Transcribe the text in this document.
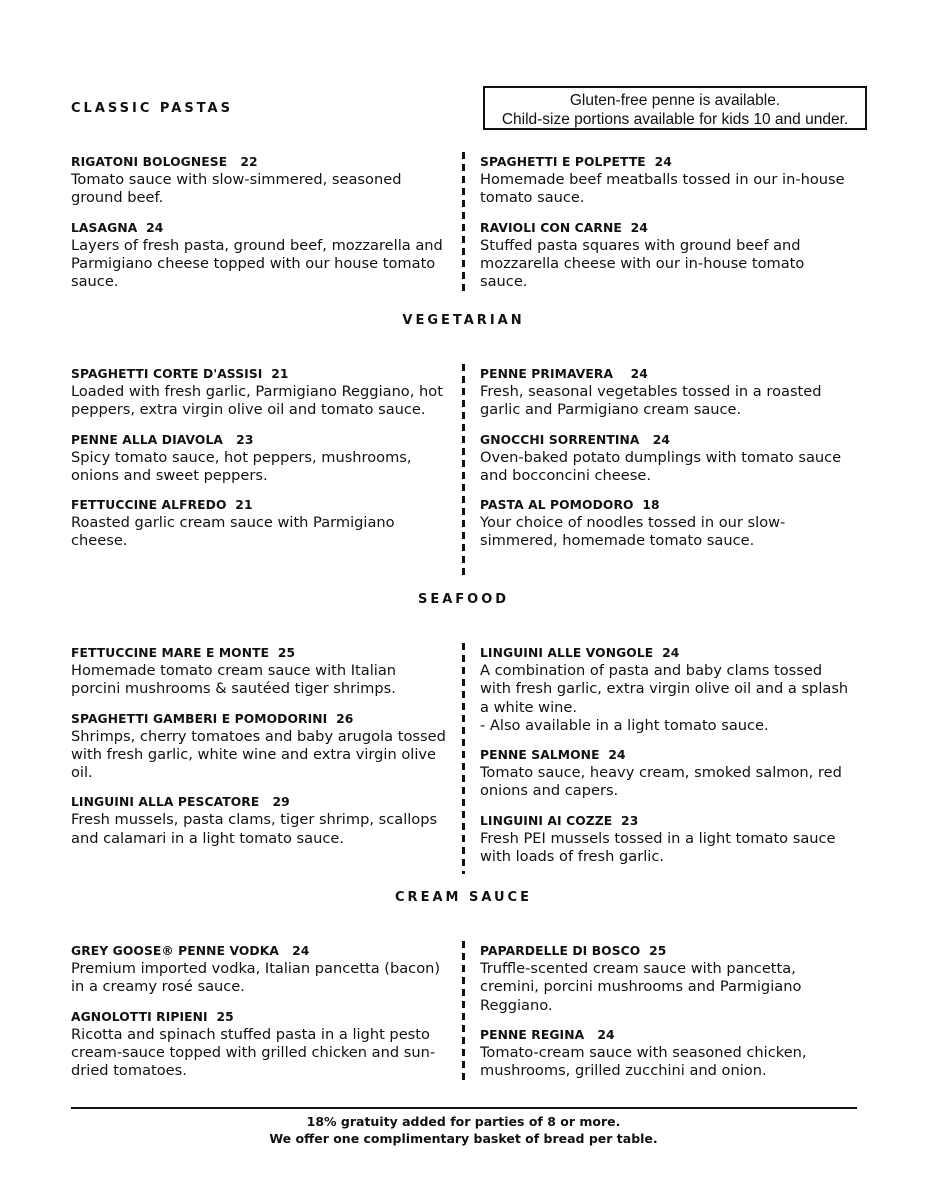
CLASSIC PASTAS	Gluten-free penne is available.
Child-size portions available for kids 10 and under.
RIGATONI BOLOGNESE   22
Tomato sauce with slow-simmered, seasoned ground beef.
LASAGNA  24
Layers of fresh pasta, ground beef, mozzarella and Parmigiano cheese topped with our house tomato sauce.
SPAGHETTI E POLPETTE  24
Homemade beef meatballs tossed in our in-house tomato sauce.
RAVIOLI CON CARNE  24
Stuffed pasta squares with ground beef and mozzarella cheese with our in-house tomato sauce.
VEGETARIAN
SPAGHETTI CORTE D'ASSISI  21
Loaded with fresh garlic, Parmigiano Reggiano, hot peppers, extra virgin olive oil and tomato sauce.
PENNE ALLA DIAVOLA   23
Spicy tomato sauce, hot peppers, mushrooms, onions and sweet peppers.
FETTUCCINE ALFREDO  21
Roasted garlic cream sauce with Parmigiano cheese.
PENNE PRIMAVERA    24
Fresh, seasonal vegetables tossed in a roasted garlic and Parmigiano cream sauce.
GNOCCHI SORRENTINA   24
Oven-baked potato dumplings with tomato sauce and bocconcini cheese.
PASTA AL POMODORO  18
Your choice of noodles tossed in our slow-simmered, homemade tomato sauce.
SEAFOOD
FETTUCCINE MARE E MONTE  25
Homemade tomato cream sauce with Italian porcini mushrooms & sautéed tiger shrimps.
SPAGHETTI GAMBERI E POMODORINI  26
Shrimps, cherry tomatoes and baby arugola tossed with fresh garlic, white wine and extra virgin olive oil.
LINGUINI ALLA PESCATORE   29
Fresh mussels, pasta clams, tiger shrimp, scallops and calamari in a light tomato sauce.
LINGUINI ALLE VONGOLE  24
A combination of pasta and baby clams tossed with fresh garlic, extra virgin olive oil and a splash a white wine.
- Also available in a light tomato sauce.
PENNE SALMONE  24
Tomato sauce, heavy cream, smoked salmon, red onions and capers.
LINGUINI AI COZZE  23
Fresh PEI mussels tossed in a light tomato sauce with loads of fresh garlic.
CREAM SAUCE
GREY GOOSE® PENNE VODKA   24
Premium imported vodka, Italian pancetta (bacon) in a creamy rosé sauce.
AGNOLOTTI RIPIENI  25
Ricotta and spinach stuffed pasta in a light pesto cream-sauce topped with grilled chicken and sun-dried tomatoes.
PAPARDELLE DI BOSCO  25
Truffle-scented cream sauce with pancetta, cremini, porcini mushrooms and Parmigiano Reggiano.
PENNE REGINA   24
Tomato-cream sauce with seasoned chicken, mushrooms, grilled zucchini and onion.
18% gratuity added for parties of 8 or more.
We offer one complimentary basket of bread per table.
